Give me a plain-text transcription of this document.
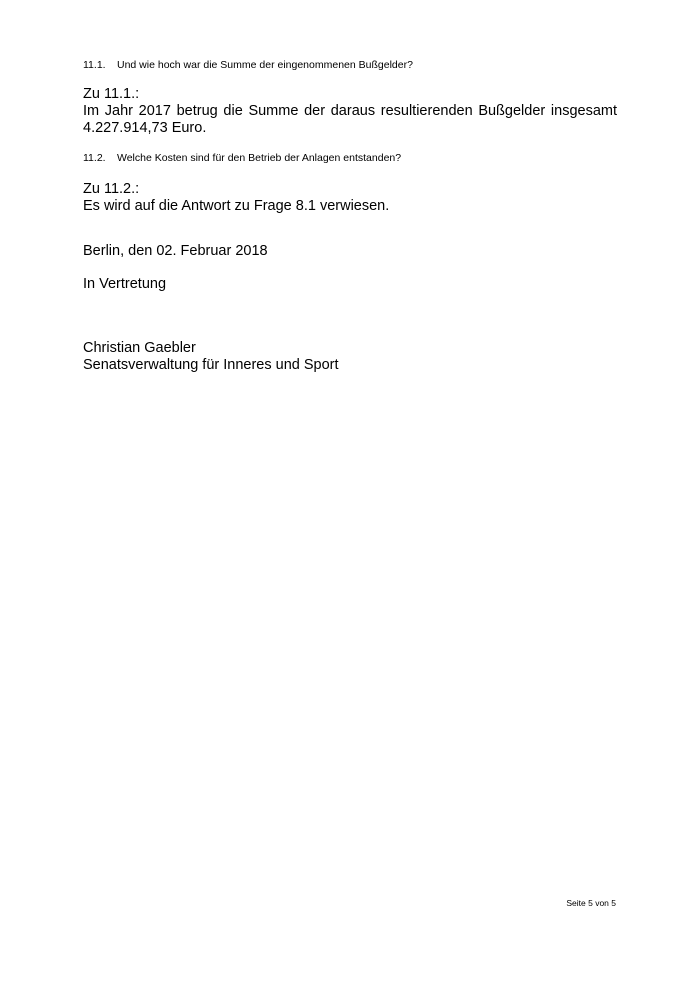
11.1. Und wie hoch war die Summe der eingenommenen Bußgelder?
Zu 11.1.:
Im Jahr 2017 betrug die Summe der daraus resultierenden Bußgelder insgesamt 4.227.914,73 Euro.
11.2. Welche Kosten sind für den Betrieb der Anlagen entstanden?
Zu 11.2.:
Es wird auf die Antwort zu Frage 8.1 verwiesen.
Berlin, den 02. Februar 2018
In Vertretung
Christian Gaebler
Senatsverwaltung für Inneres und Sport
Seite 5 von 5
